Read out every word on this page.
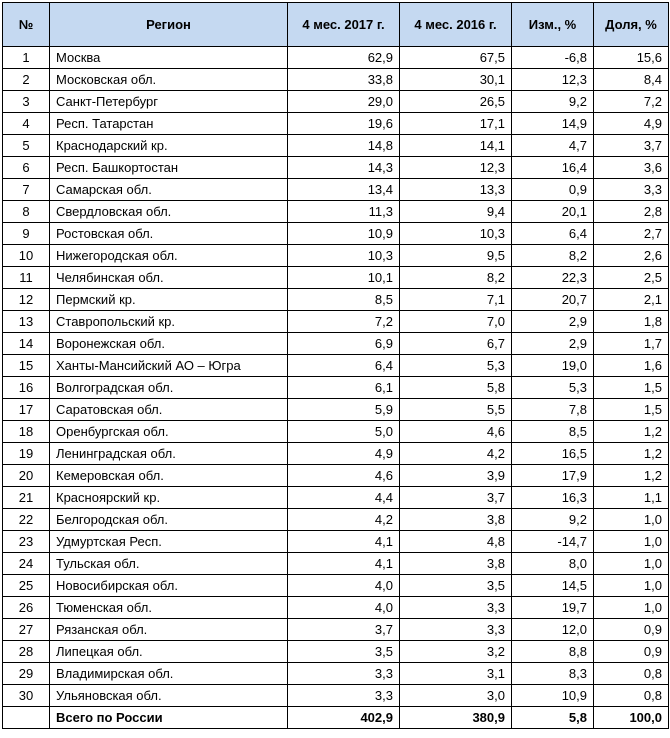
№	Регион	4 мес. 2017 г.	4 мес. 2016 г.	Изм., %	Доля, %
1	Москва	62,9	67,5	-6,8	15,6
2	Московская обл.	33,8	30,1	12,3	8,4
3	Санкт-Петербург	29,0	26,5	9,2	7,2
4	Респ. Татарстан	19,6	17,1	14,9	4,9
5	Краснодарский кр.	14,8	14,1	4,7	3,7
6	Респ. Башкортостан	14,3	12,3	16,4	3,6
7	Самарская обл.	13,4	13,3	0,9	3,3
8	Свердловская обл.	11,3	9,4	20,1	2,8
9	Ростовская обл.	10,9	10,3	6,4	2,7
10	Нижегородская обл.	10,3	9,5	8,2	2,6
11	Челябинская обл.	10,1	8,2	22,3	2,5
12	Пермский кр.	8,5	7,1	20,7	2,1
13	Ставропольский кр.	7,2	7,0	2,9	1,8
14	Воронежская обл.	6,9	6,7	2,9	1,7
15	Ханты-Мансийский АО – Югра	6,4	5,3	19,0	1,6
16	Волгоградская обл.	6,1	5,8	5,3	1,5
17	Саратовская обл.	5,9	5,5	7,8	1,5
18	Оренбургская обл.	5,0	4,6	8,5	1,2
19	Ленинградская обл.	4,9	4,2	16,5	1,2
20	Кемеровская обл.	4,6	3,9	17,9	1,2
21	Красноярский кр.	4,4	3,7	16,3	1,1
22	Белгородская обл.	4,2	3,8	9,2	1,0
23	Удмуртская Респ.	4,1	4,8	-14,7	1,0
24	Тульская обл.	4,1	3,8	8,0	1,0
25	Новосибирская обл.	4,0	3,5	14,5	1,0
26	Тюменская обл.	4,0	3,3	19,7	1,0
27	Рязанская обл.	3,7	3,3	12,0	0,9
28	Липецкая обл.	3,5	3,2	8,8	0,9
29	Владимирская обл.	3,3	3,1	8,3	0,8
30	Ульяновская обл.	3,3	3,0	10,9	0,8
	Всего по России	402,9	380,9	5,8	100,0
